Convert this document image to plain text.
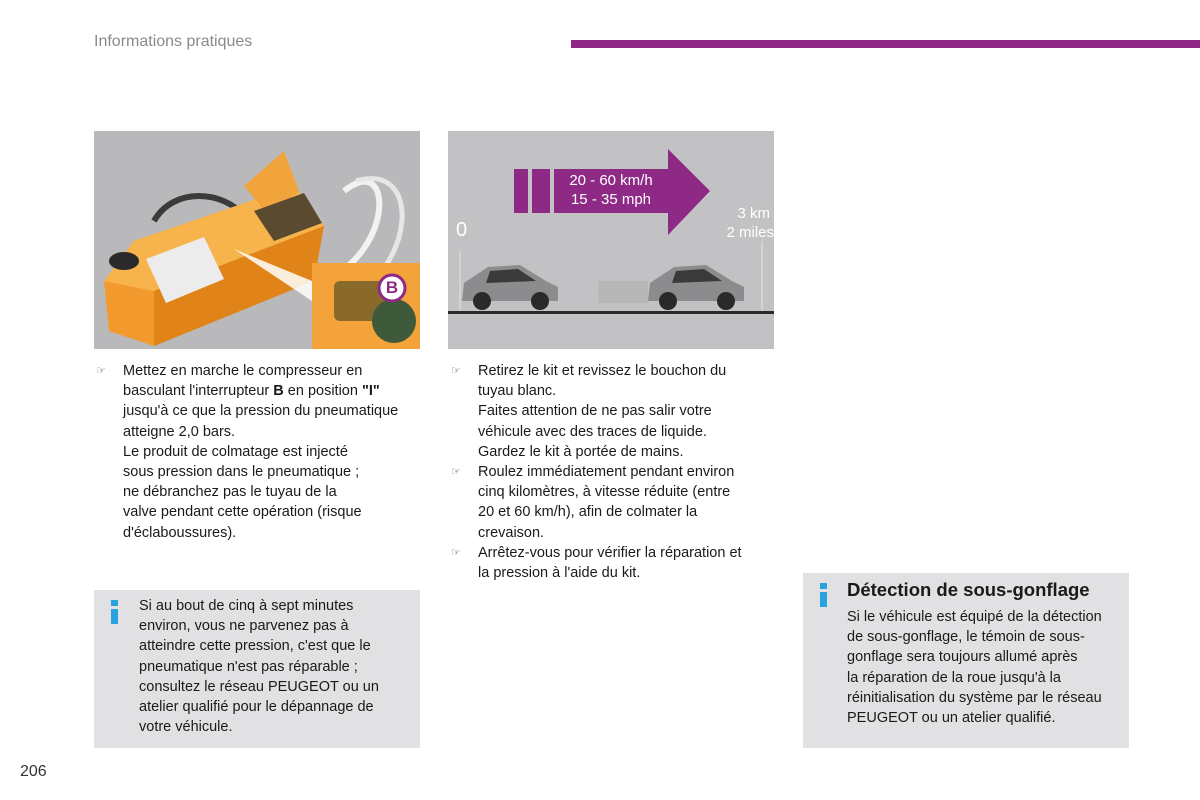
Informations pratiques
B
20 - 60 km/h
15 - 35 mph
0
3 km
2 miles
☞ Mettez en marche le compresseur en
basculant l'interrupteur B en position "I"
jusqu'à ce que la pression du pneumatique
atteigne 2,0 bars.
Le produit de colmatage est injecté
sous pression dans le pneumatique ;
ne débranchez pas le tuyau de la
valve pendant cette opération (risque
d'éclaboussures).
☞ Retirez le kit et revissez le bouchon du
tuyau blanc.
Faites attention de ne pas salir votre
véhicule avec des traces de liquide.
Gardez le kit à portée de mains.
☞ Roulez immédiatement pendant environ
cinq kilomètres, à vitesse réduite (entre
20 et 60 km/h), afin de colmater la
crevaison.
☞ Arrêtez-vous pour vérifier la réparation et
la pression à l'aide du kit.
Si au bout de cinq à sept minutes
environ, vous ne parvenez pas à
atteindre cette pression, c'est que le
pneumatique n'est pas réparable ;
consultez le réseau PEUGEOT ou un
atelier qualifié pour le dépannage de
votre véhicule.
Détection de sous-gonflage
Si le véhicule est équipé de la détection
de sous-gonflage, le témoin de sous-
gonflage sera toujours allumé après
la réparation de la roue jusqu'à la
réinitialisation du système par le réseau
PEUGEOT ou un atelier qualifié.
206
